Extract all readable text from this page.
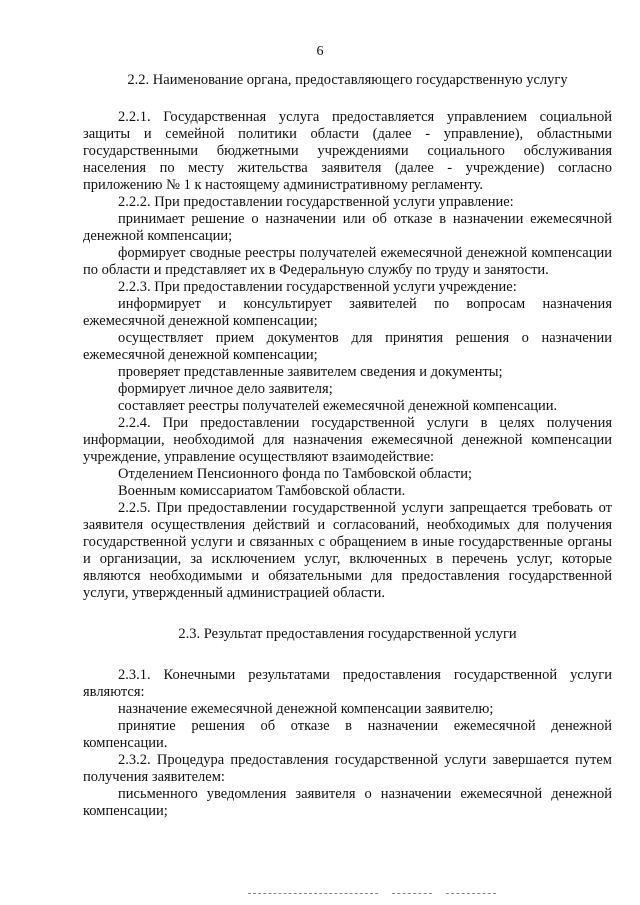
6
2.2. Наименование органа, предоставляющего государственную услугу

2.2.1. Государственная услуга предоставляется управлением социальной защиты и семейной политики области (далее - управление), областными государственными бюджетными учреждениями социального обслуживания населения по месту жительства заявителя (далее - учреждение) согласно приложению № 1 к настоящему административному регламенту.

2.2.2. При предоставлении государственной услуги управление:

принимает решение о назначении или об отказе в назначении ежемесячной денежной компенсации;

формирует сводные реестры получателей ежемесячной денежной компенсации по области и представляет их в Федеральную службу по труду и занятости.

2.2.3. При предоставлении государственной услуги учреждение:

информирует и консультирует заявителей по вопросам назначения ежемесячной денежной компенсации;

осуществляет прием документов для принятия решения о назначении ежемесячной денежной компенсации;

проверяет представленные заявителем сведения и документы;

формирует личное дело заявителя;

составляет реестры получателей ежемесячной денежной компенсации.

2.2.4. При предоставлении государственной услуги в целях получения информации, необходимой для назначения ежемесячной денежной компенсации учреждение, управление осуществляют взаимодействие:

Отделением Пенсионного фонда по Тамбовской области;

Военным комиссариатом Тамбовской области.

2.2.5. При предоставлении государственной услуги запрещается требовать от заявителя осуществления действий и согласований, необходимых для получения государственной услуги и связанных с обращением в иные государственные органы и организации, за исключением услуг, включенных в перечень услуг, которые являются необходимыми и обязательными для предоставления государственной услуги, утвержденный администрацией области.

2.3. Результат предоставления государственной услуги

2.3.1. Конечными результатами предоставления государственной услуги являются:

назначение ежемесячной денежной компенсации заявителю;

принятие решения об отказе в назначении ежемесячной денежной компенсации.

2.3.2. Процедура предоставления государственной услуги завершается путем получения заявителем:

письменного уведомления заявителя о назначении ежемесячной денежной компенсации;
